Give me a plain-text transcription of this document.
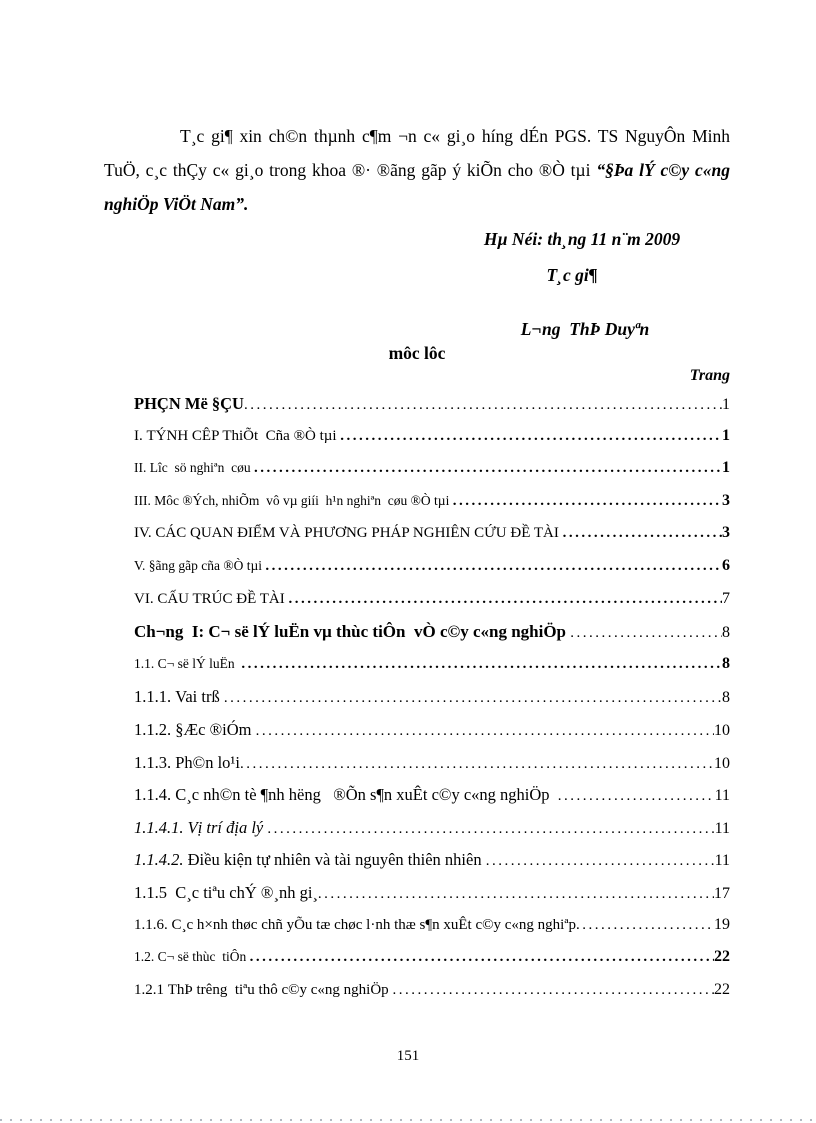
T¸c gi¶ xin ch©n thµnh c¶m ¬n c« gi¸o híng dÉn PGS. TS NguyÔn Minh TuÖ, c¸c thÇy c« gi¸o trong khoa ®· ®ãng gãp ý kiÕn cho ®Ò tµi “§Þa lÝ c©y c«ng nghiÖp ViÖt Nam”.

Hµ Néi: th¸ng 11 n¨m 2009
T¸c gi¶
L¬ng  ThÞ Duyªn
môc lôc
Trang
PHÇN Më §ÇU .....	1
I. TÝNH CÊP ThiÕt  Cña ®Ò tµi .....	1
II. Lîc  sö nghiªn  cøu .....	1
III. Môc ®Ých, nhiÕm  vô vµ giíi  h¹n nghiªn  cøu ®Ò tµi .....	3
IV. CÁC QUAN ĐIỂM VÀ PHƯƠNG PHÁP NGHIÊN CỨU ĐỀ TÀI .....	3
V. §ãng gãp cña ®Ò tµi .....	6
VI. CẤU TRÚC ĐỀ TÀI .....	7
Ch¬ng  I: C¬ së lÝ luËn vµ thùc tiÔn  vÒ c©y c«ng nghiÖp .....	8
1.1. C¬ së lÝ luËn .....	8
1.1.1. Vai trß .....	8
1.1.2. §Æc ®iÓm .....	10
1.1.3. Ph©n lo¹i .....	10
1.1.4. C¸c nh©n tè ¶nh hëng   ®Õn s¶n xuÊt c©y c«ng nghiÖp .....	11
1.1.4.1. Vị trí địa lý .....	11
1.1.4.2. Điều kiện tự nhiên và tài nguyên thiên nhiên .....	11
1.1.5 C¸c tiªu chÝ ®¸nh gi¸ .....	17
1.1.6. C¸c h×nh thøc chñ yÕu tæ chøc l·nh thæ s¶n xuÊt c©y c«ng nghiªp .....	19
1.2. C¬ së thùc  tiÔn .....	22
1.2.1 ThÞ trêng  tiªu thô c©y c«ng nghiÖp .....	22
151
